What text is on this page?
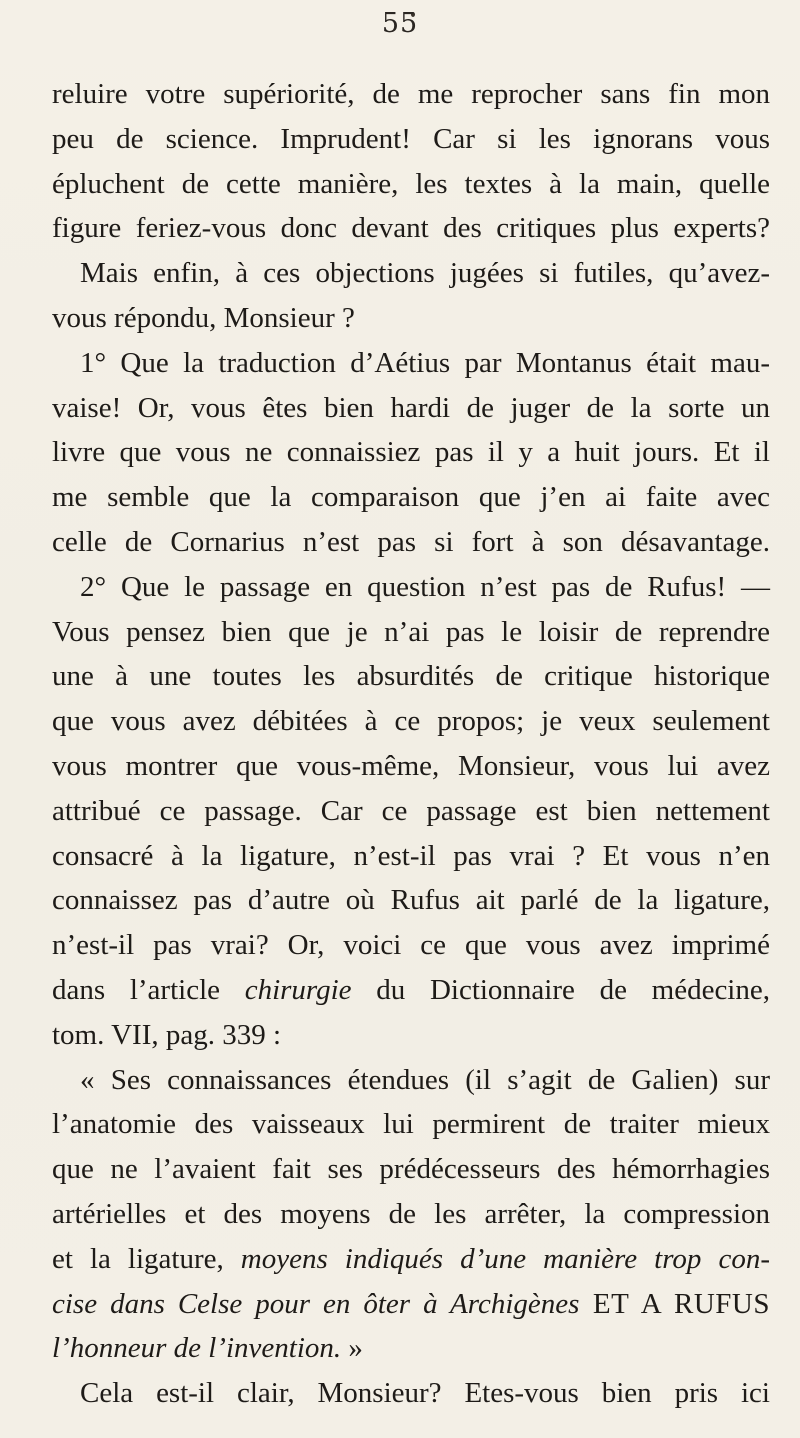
55
reluire votre supériorité, de me reprocher sans fin mon
peu de science. Imprudent! Car si les ignorans vous
épluchent de cette manière, les textes à la main, quelle
figure feriez-vous donc devant des critiques plus experts?
Mais enfin, à ces objections jugées si futiles, qu’avez-
vous répondu, Monsieur ?
1° Que la traduction d’Aétius par Montanus était mau-
vaise! Or, vous êtes bien hardi de juger de la sorte un
livre que vous ne connaissiez pas il y a huit jours. Et il
me semble que la comparaison que j’en ai faite avec
celle de Cornarius n’est pas si fort à son désavantage.
2° Que le passage en question n’est pas de Rufus! —
Vous pensez bien que je n’ai pas le loisir de reprendre
une à une toutes les absurdités de critique historique
que vous avez débitées à ce propos; je veux seulement
vous montrer que vous-même, Monsieur, vous lui avez
attribué ce passage. Car ce passage est bien nettement
consacré à la ligature, n’est-il pas vrai ? Et vous n’en
connaissez pas d’autre où Rufus ait parlé de la ligature,
n’est-il pas vrai? Or, voici ce que vous avez imprimé
dans l’article chirurgie du Dictionnaire de médecine,
tom. VII, pag. 339 :
« Ses connaissances étendues (il s’agit de Galien) sur
l’anatomie des vaisseaux lui permirent de traiter mieux
que ne l’avaient fait ses prédécesseurs des hémorrhagies
artérielles et des moyens de les arrêter, la compression
et la ligature, moyens indiqués d’une manière trop con-
cise dans Celse pour en ôter à Archigènes ET A RUFUS
l’honneur de l’invention. »
Cela est-il clair, Monsieur? Etes-vous bien pris ici
